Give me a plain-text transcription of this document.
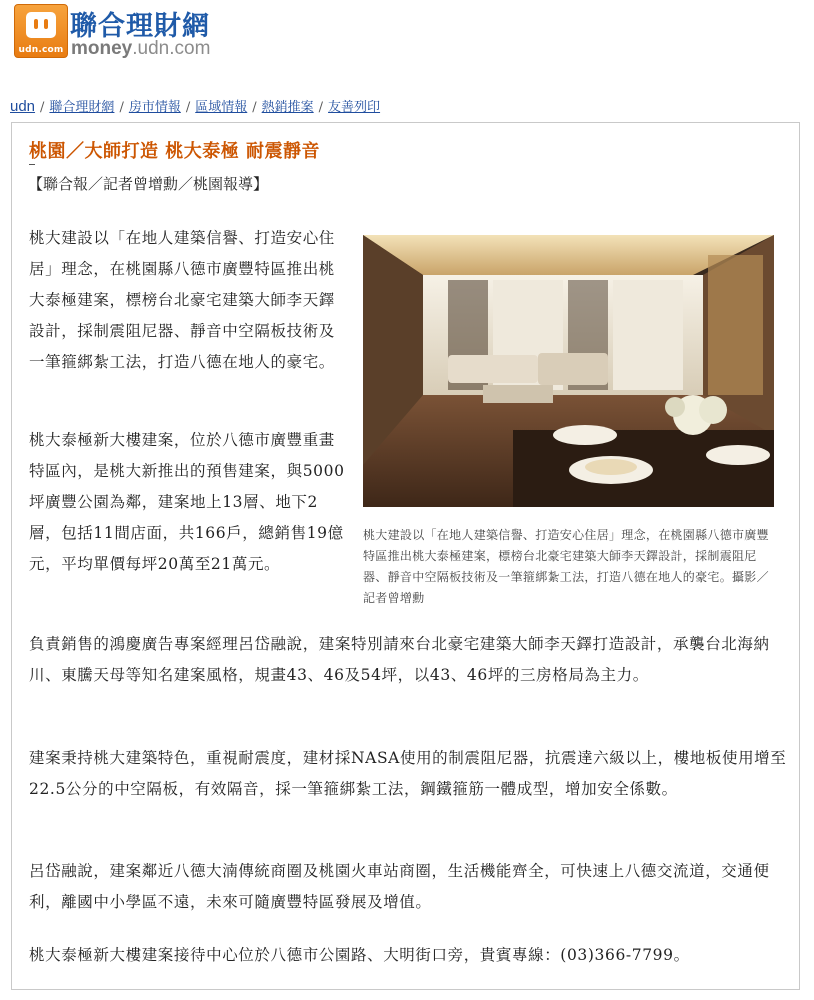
udn.com
聯合理財網
money.udn.com
udn / 聯合理財網 / 房市情報 / 區域情報 / 熱銷推案 / 友善列印
桃園／大師打造 桃大泰極 耐震靜音
【聯合報／記者曾增勳／桃園報導】
桃大建設以「在地人建築信譽、打造安心住居」理念，在桃園縣八德市廣豐特區推出桃大泰極建案，標榜台北豪宅建築大師李天鐸設計，採制震阻尼器、靜音中空隔板技術及一筆箍綁紮工法，打造八德在地人的豪宅。
桃大泰極新大樓建案，位於八德市廣豐重畫特區內，是桃大新推出的預售建案，與5000坪廣豐公園為鄰，建案地上13層、地下2層，包括11間店面，共166戶，總銷售19億元，平均單價每坪20萬至21萬元。
桃大建設以「在地人建築信譽、打造安心住居」理念，在桃園縣八德市廣豐特區推出桃大泰極建案，標榜台北豪宅建築大師李天鐸設計，採制震阻尼器、靜音中空隔板技術及一筆箍綁紮工法，打造八德在地人的豪宅。攝影／記者曾增勳
負責銷售的鴻慶廣告專案經理呂岱融說，建案特別請來台北豪宅建築大師李天鐸打造設計，承襲台北海納川、東騰天母等知名建案風格，規畫43、46及54坪，以43、46坪的三房格局為主力。
建案秉持桃大建築特色，重視耐震度，建材採NASA使用的制震阻尼器，抗震達六級以上，樓地板使用增至22.5公分的中空隔板，有效隔音，採一筆箍綁紮工法，鋼鐵箍筋一體成型，增加安全係數。
呂岱融說，建案鄰近八德大湳傳統商圈及桃園火車站商圈，生活機能齊全，可快速上八德交流道，交通便利，離國中小學區不遠，未來可隨廣豐特區發展及增值。
桃大泰極新大樓建案接待中心位於八德市公園路、大明街口旁，貴賓專線：(03)366-7799。
